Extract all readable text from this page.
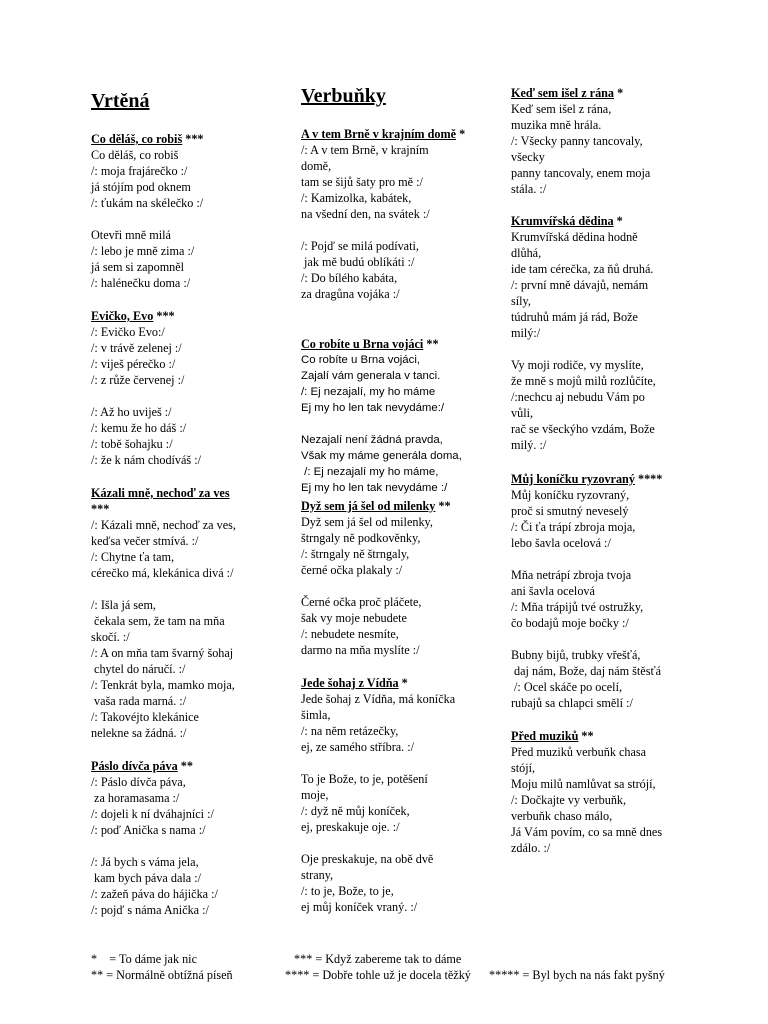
Vrtěná
Co děláš, co robiš ***
Co děláš, co robiš
/: moja frajárečko :/
já stójím pod oknem
/: ťukám na skélečko :/
Otevři mně milá
/: lebo je mně zima :/
já sem si zapomněl
/: halénečku doma :/
Evičko, Evo ***
/: Evičko Evo:/
/: v trávě zelenej :/
/: viješ pérečko :/
/: z růže červenej :/
/: Až ho uviješ :/
/: kemu že ho dáš :/
/: tobě šohajku :/
/: že k nám chodíváš :/
Kázali mně, nechoď za ves
***
/: Kázali mně, nechoď za ves,
keďsa večer stmívá. :/
/: Chytne ťa tam,
cérečko má, klekánica divá :/
/: Išla já sem,
čekala sem, že tam na mňa
skočí. :/
/: A on mňa tam švarný šohaj
chytel do náručí. :/
/: Tenkrát byla, mamko moja,
vaša rada marná. :/
/: Takovéjto klekánice
nelekne sa žádná. :/
Páslo dívča páva **
/: Páslo dívča páva,
za horamasama :/
/: dojeli k ní dváhajníci :/
/: poď Anička s nama :/
/: Já bych s váma jela,
kam bych páva dala :/
/: zažeň páva do hájička :/
/: pojď s náma Anička :/
Verbuňky
A v tem Brně v krajním domě *
/: A v tem Brně, v krajním
domě,
tam se šijů šaty pro mě :/
/: Kamizolka, kabátek,
na všední den, na svátek :/
/: Pojď se milá podívati,
jak mě budú oblíkáti :/
/: Do bílého kabáta,
za dragůna vojáka :/
Co robíte u Brna vojáci **
Co robíte u Brna vojáci,
Zajalí vám generala v tanci.
/: Ej nezajalí, my ho máme
Ej my ho len tak nevydáme:/
Nezajalí není žádná pravda,
Však my máme generála doma,
/: Ej nezajalí my ho máme,
Ej my ho len tak nevydáme :/
Dyž sem já šel od milenky **
Dyž sem já šel od milenky,
štrngaly ně podkověnky,
/: štrngaly ně štrngaly,
černé očka plakaly :/
Černé očka proč pláčete,
šak vy moje nebudete
/: nebudete nesmíte,
darmo na mňa myslíte :/
Jede šohaj z Vídňa *
Jede šohaj z Vídňa, má koníčka
šimla,
/: na něm retázečky,
ej, ze samého stříbra. :/
To je Bože, to je, potěšení
moje,
/: dyž ně můj koníček,
ej, preskakuje oje. :/
Oje preskakuje, na obě dvě
strany,
/: to je, Bože, to je,
ej můj koníček vraný. :/
Keď sem išel z rána *
Keď sem išel z rána,
muzika mně hrála.
/: Všecky panny tancovaly,
všecky
panny tancovaly, enem moja
stála. :/
Krumvířská dědina *
Krumvířská dědina hodně
dlůhá,
ide tam cérečka, za ňů druhá.
/: první mně dávajů, nemám
síly,
túdruhů mám já rád, Bože
milý:/
Vy moji rodiče, vy myslíte,
že mně s mojů milů rozlůčíte,
/:nechcu aj nebudu Vám po
vůli,
rač se všeckýho vzdám, Bože
milý. :/
Můj koníčku ryzovraný ****
Můj koníčku ryzovraný,
proč si smutný neveselý
/: Či ťa trápí zbroja moja,
lebo šavla ocelová :/
Mňa netrápí zbroja tvoja
ani šavla ocelová
/: Mňa trápijů tvé ostružky,
čo bodajů moje bočky :/
Bubny bijů, trubky vřešťá,
daj nám, Bože, daj nám štěsťá
/: Ocel skáče po ocelí,
rubajů sa chlapci smělí :/
Před muziků **
Před muziků verbuňk chasa
stójí,
Moju milů namlůvat sa strójí,
/: Dočkajte vy verbuňk,
verbuňk chaso málo,
Já Vám povím, co sa mně dnes
zdálo. :/
*    = To dáme jak nic	*** = Když zabereme tak to dáme
** = Normálně obtížná píseň	**** = Dobře tohle už je docela těžký ***** = Byl bych na nás fakt pyšný
